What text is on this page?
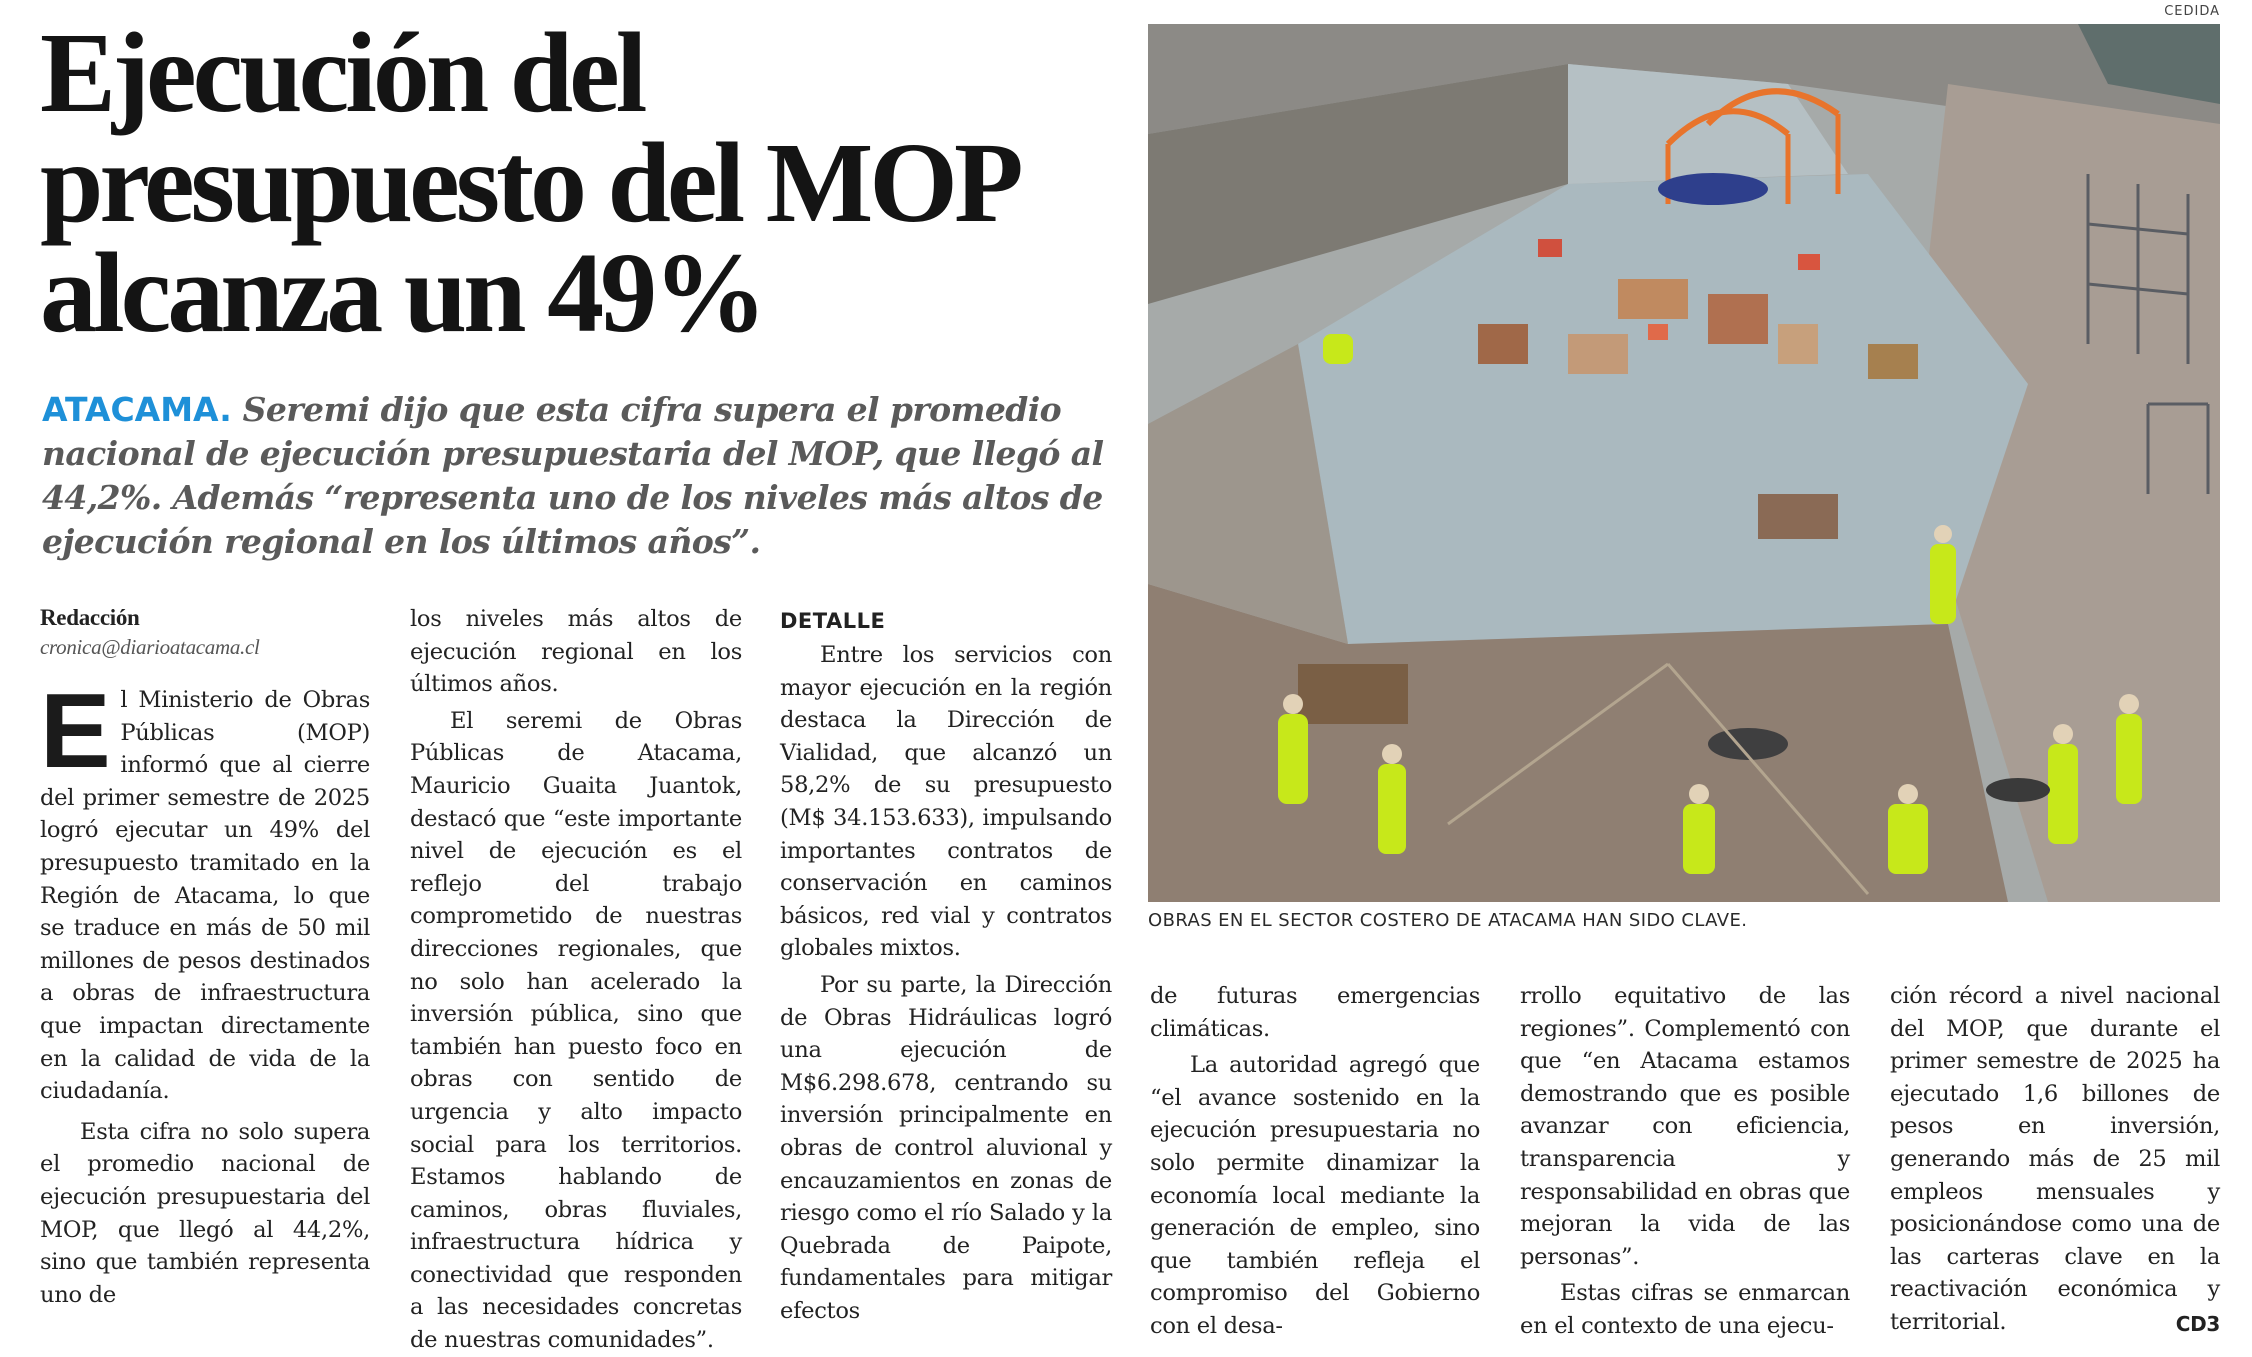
Ejecución del
presupuesto del MOP
alcanza un 49%
ATACAMA. Seremi dijo que esta cifra supera el promedio nacional de ejecución presupuestaria del MOP, que llegó al 44,2%. Además “representa uno de los niveles más altos de ejecución regional en los últimos años”.
Redacción
cronica@diarioatacama.cl

El Ministerio de Obras Públicas (MOP) informó que al cierre del primer semestre de 2025 logró ejecutar un 49% del presupuesto tramitado en la Región de Atacama, lo que se traduce en más de 50 mil millones de pesos destinados a obras de infraestructura que impactan directamente en la calidad de vida de la ciudadanía.

Esta cifra no solo supera el promedio nacional de ejecución presupuestaria del MOP, que llegó al 44,2%, sino que también representa uno de

los niveles más altos de ejecución regional en los últimos años.

El seremi de Obras Públicas de Atacama, Mauricio Guaita Juantok, destacó que “este importante nivel de ejecución es el reflejo del trabajo comprometido de nuestras direcciones regionales, que no solo han acelerado la inversión pública, sino que también han puesto foco en obras con sentido de urgencia y alto impacto social para los territorios. Estamos hablando de caminos, obras fluviales, infraestructura hídrica y conectividad que responden a las necesidades concretas de nuestras comunidades”.

DETALLE

Entre los servicios con mayor ejecución en la región destaca la Dirección de Vialidad, que alcanzó un 58,2% de su presupuesto (M$ 34.153.633), impulsando importantes contratos de conservación en caminos básicos, red vial y contratos globales mixtos.

Por su parte, la Dirección de Obras Hidráulicas logró una ejecución de M$6.298.678, centrando su inversión principalmente en obras de control aluvional y encauzamientos en zonas de riesgo como el río Salado y la Quebrada de Paipote, fundamentales para mitigar efectos

CEDIDA
OBRAS EN EL SECTOR COSTERO DE ATACAMA HAN SIDO CLAVE.

de futuras emergencias climáticas.

La autoridad agregó que “el avance sostenido en la ejecución presupuestaria no solo permite dinamizar la economía local mediante la generación de empleo, sino que también refleja el compromiso del Gobierno con el desa-

rrollo equitativo de las regiones”. Complementó con que “en Atacama estamos demostrando que es posible avanzar con eficiencia, transparencia y responsabilidad en obras que mejoran la vida de las personas”.

Estas cifras se enmarcan en el contexto de una ejecu-

ción récord a nivel nacional del MOP, que durante el primer semestre de 2025 ha ejecutado 1,6 billones de pesos en inversión, generando más de 25 mil empleos mensuales y posicionándose como una de las carteras clave en la reactivación económica y territorial.	CD3
